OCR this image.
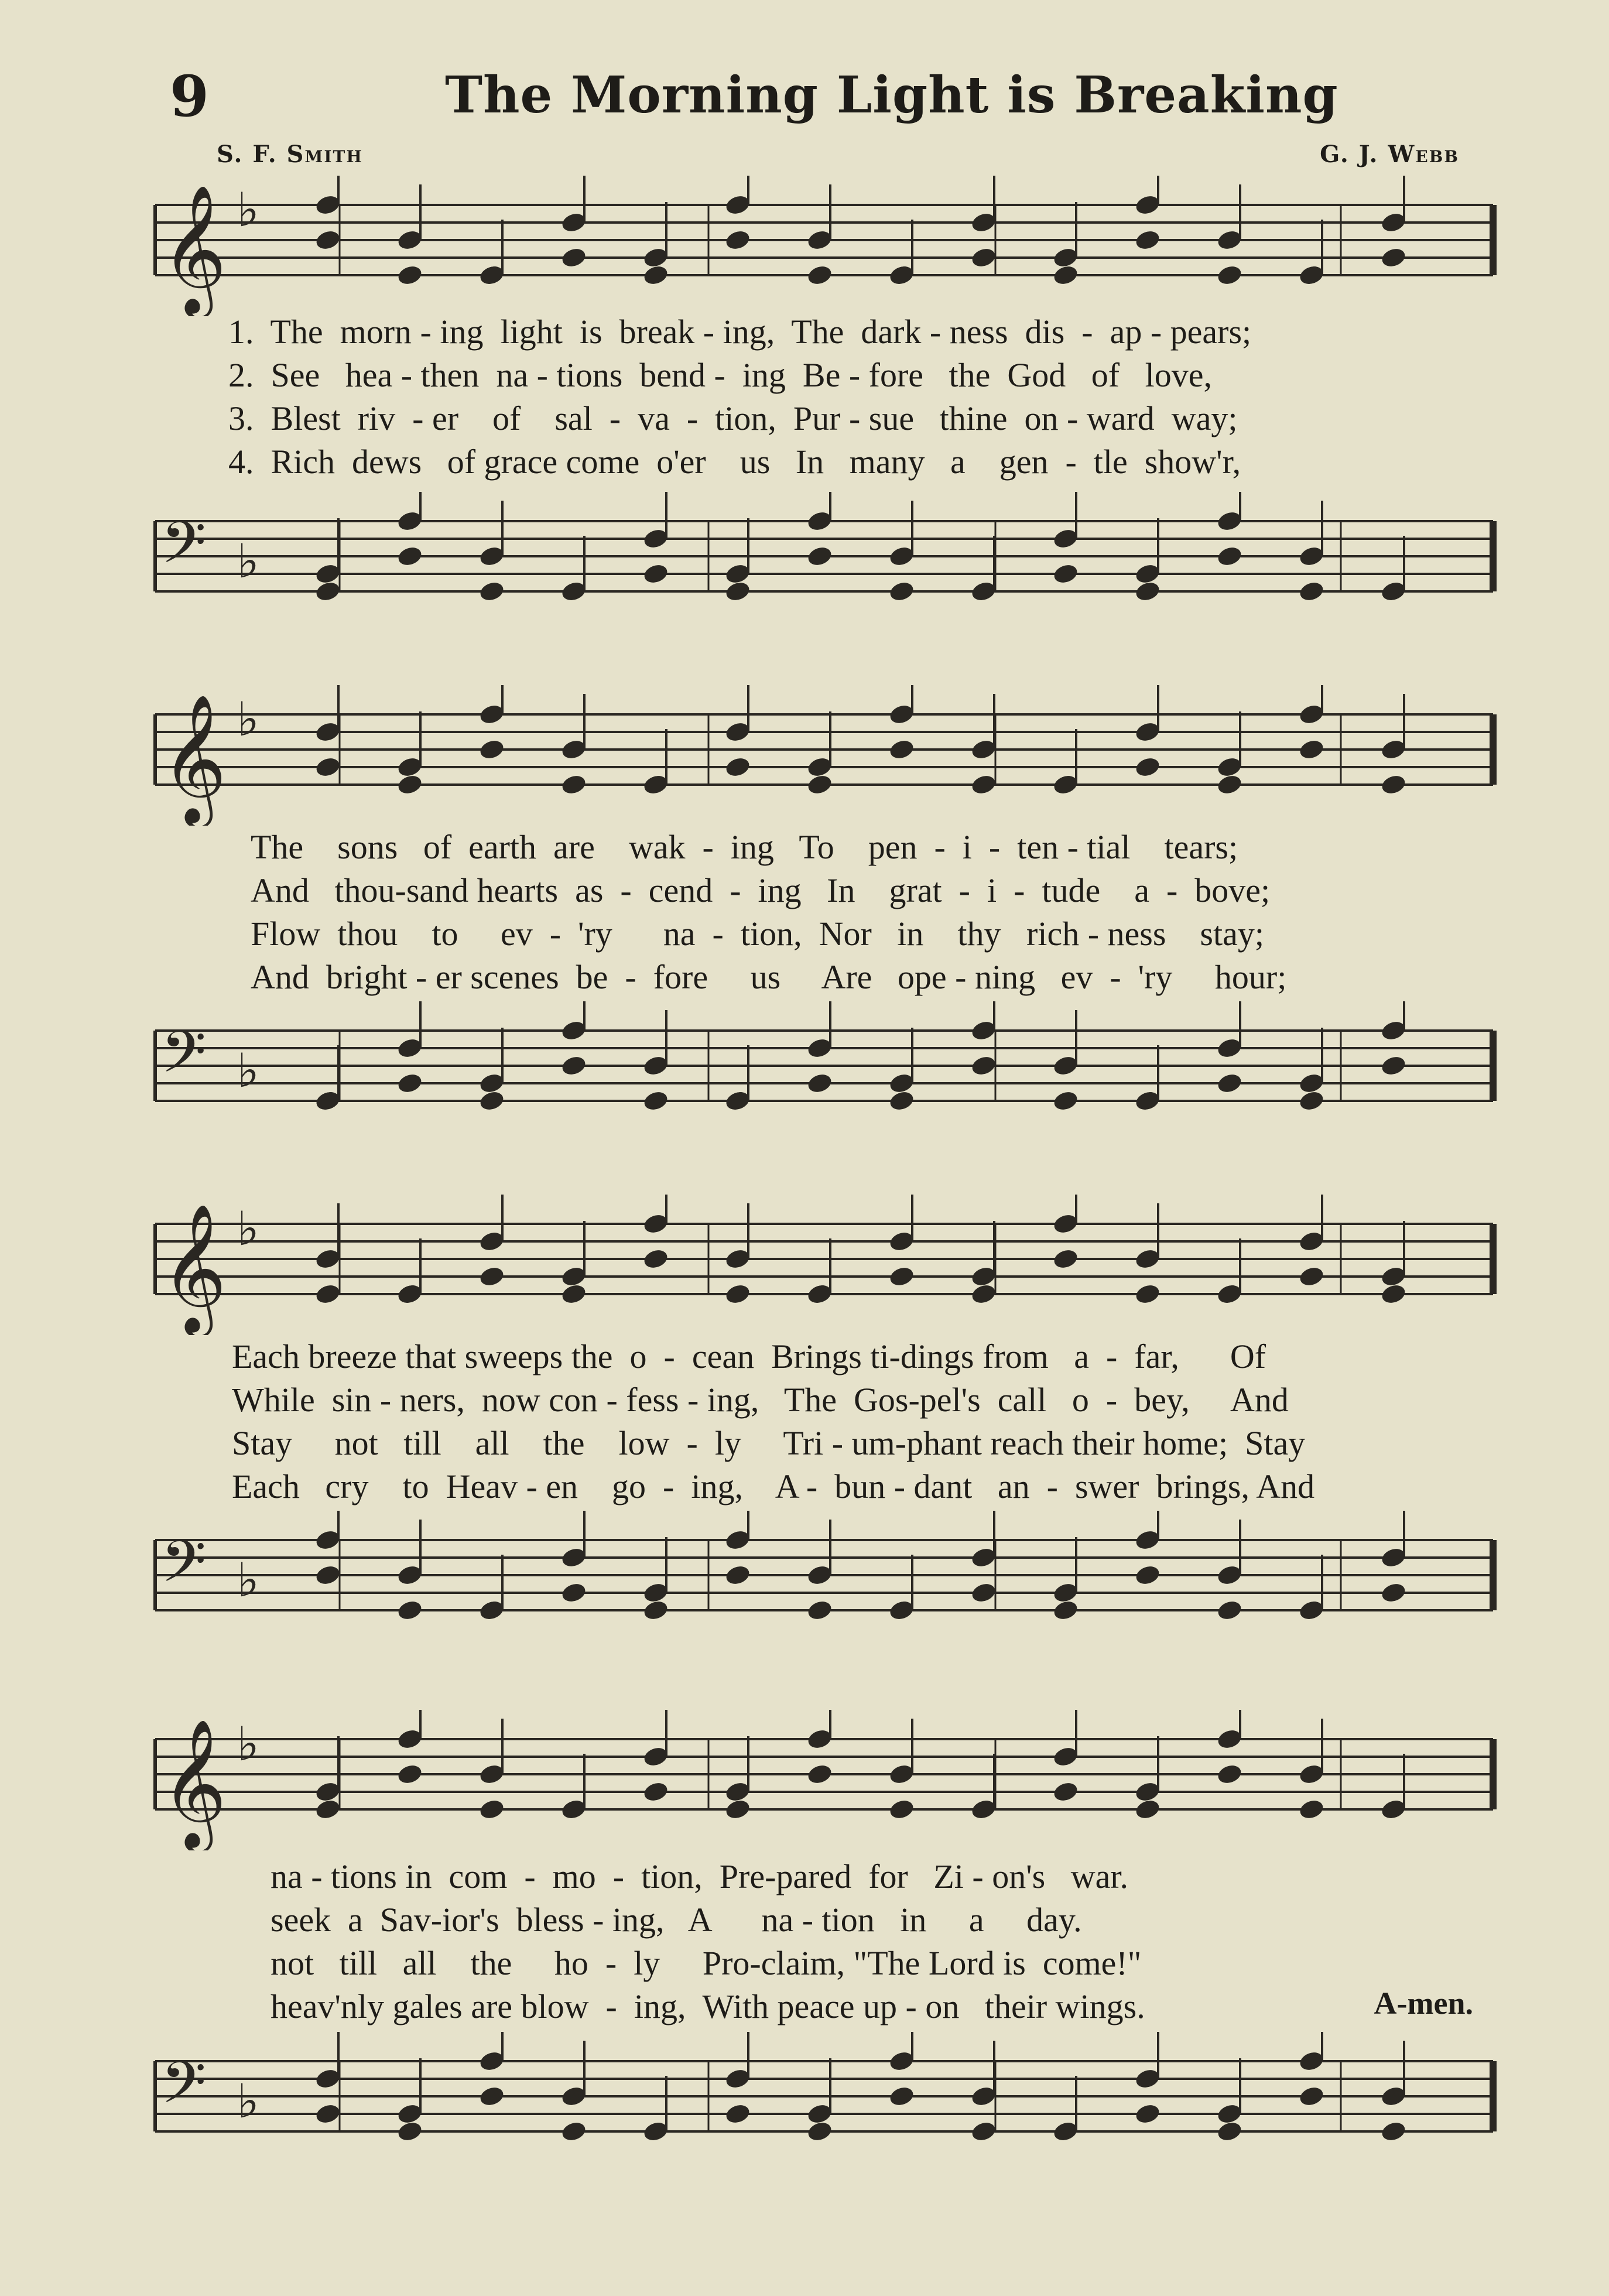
9	The Morning Light is Breaking
S. F. Smith	G. J. Webb
𝄞 ♭
1.  The  morn - ing  light  is  break - ing,  The  dark - ness  dis  -  ap - pears;
2.  See   hea - then  na - tions  bend -  ing  Be - fore   the  God   of   love,
3.  Blest  riv  - er    of    sal  -  va  -  tion,  Pur - sue   thine  on - ward  way;
4.  Rich  dews   of grace come  o'er    us   In   many   a    gen  -  tle  show'r,
𝄢 ♭
𝄞 ♭
The    sons   of  earth  are    wak  -  ing   To    pen  -  i  -  ten - tial    tears;
And   thou-sand hearts  as  -  cend  -  ing   In    grat  -  i  -  tude    a  -  bove;
Flow  thou    to     ev  -  'ry      na  -  tion,  Nor   in    thy   rich - ness    stay;
And  bright - er scenes  be  -  fore     us     Are   ope - ning   ev  -  'ry     hour;
𝄢 ♭
𝄞 ♭
Each breeze that sweeps the  o  -  cean  Brings ti-dings from   a  -  far,      Of
While  sin - ners,  now con - fess - ing,   The  Gos-pel's  call   o  -  bey,     And
Stay     not   till    all    the    low  -  ly     Tri - um-phant reach their home;  Stay
Each   cry    to  Heav - en    go  -  ing,    A -  bun - dant   an  -  swer  brings, And
𝄢 ♭
𝄞 ♭
na - tions in  com  -  mo  -  tion,  Pre-pared  for   Zi - on's   war.
seek  a  Sav-ior's  bless - ing,   A      na - tion   in     a     day.
not   till   all    the     ho  -  ly     Pro-claim, "The Lord is  come!"
heav'nly gales are blow  -  ing,  With peace up - on   their wings.	A-men.
𝄢 ♭
